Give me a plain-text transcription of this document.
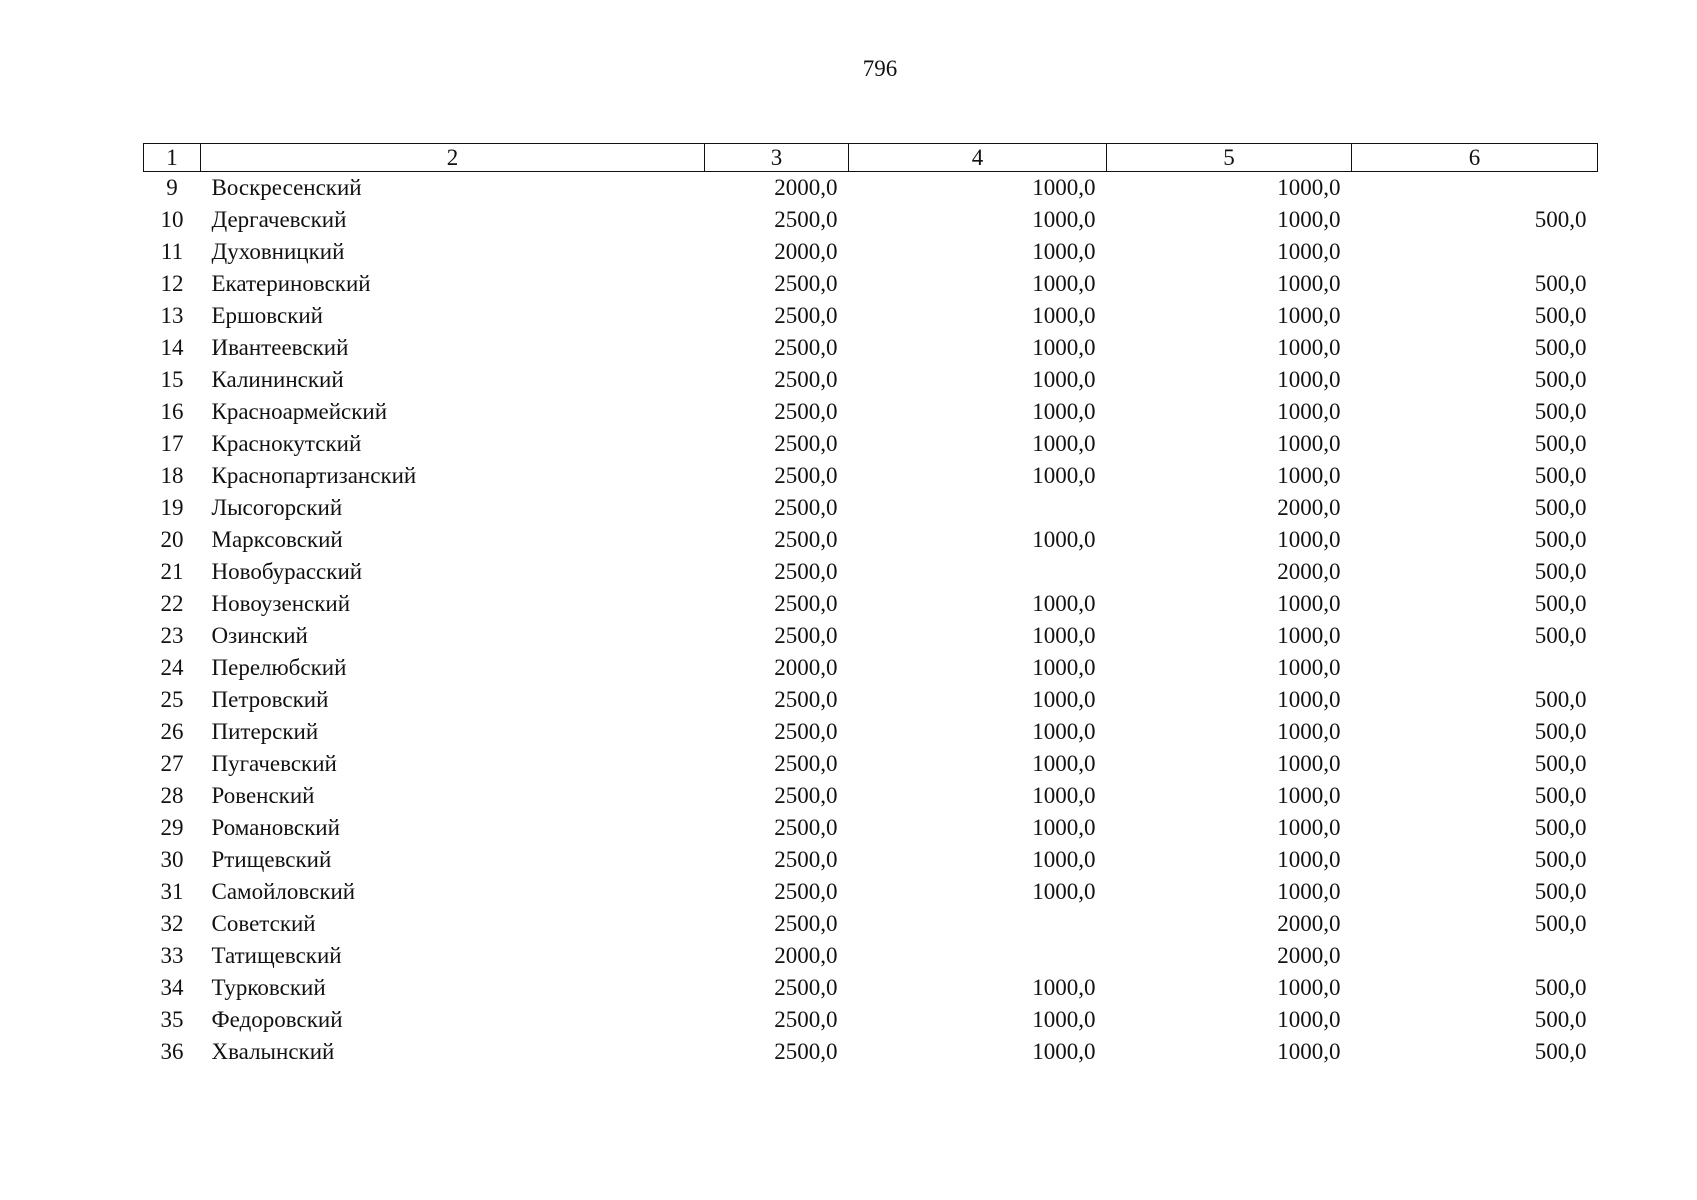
796
1	2	3	4	5	6
9	Воскресенский	2000,0	1000,0	1000,0	
10	Дергачевский	2500,0	1000,0	1000,0	500,0
11	Духовницкий	2000,0	1000,0	1000,0	
12	Екатериновский	2500,0	1000,0	1000,0	500,0
13	Ершовский	2500,0	1000,0	1000,0	500,0
14	Ивантеевский	2500,0	1000,0	1000,0	500,0
15	Калининский	2500,0	1000,0	1000,0	500,0
16	Красноармейский	2500,0	1000,0	1000,0	500,0
17	Краснокутский	2500,0	1000,0	1000,0	500,0
18	Краснопартизанский	2500,0	1000,0	1000,0	500,0
19	Лысогорский	2500,0		2000,0	500,0
20	Марксовский	2500,0	1000,0	1000,0	500,0
21	Новобурасский	2500,0		2000,0	500,0
22	Новоузенский	2500,0	1000,0	1000,0	500,0
23	Озинский	2500,0	1000,0	1000,0	500,0
24	Перелюбский	2000,0	1000,0	1000,0	
25	Петровский	2500,0	1000,0	1000,0	500,0
26	Питерский	2500,0	1000,0	1000,0	500,0
27	Пугачевский	2500,0	1000,0	1000,0	500,0
28	Ровенский	2500,0	1000,0	1000,0	500,0
29	Романовский	2500,0	1000,0	1000,0	500,0
30	Ртищевский	2500,0	1000,0	1000,0	500,0
31	Самойловский	2500,0	1000,0	1000,0	500,0
32	Советский	2500,0		2000,0	500,0
33	Татищевский	2000,0		2000,0	
34	Турковский	2500,0	1000,0	1000,0	500,0
35	Федоровский	2500,0	1000,0	1000,0	500,0
36	Хвалынский	2500,0	1000,0	1000,0	500,0
